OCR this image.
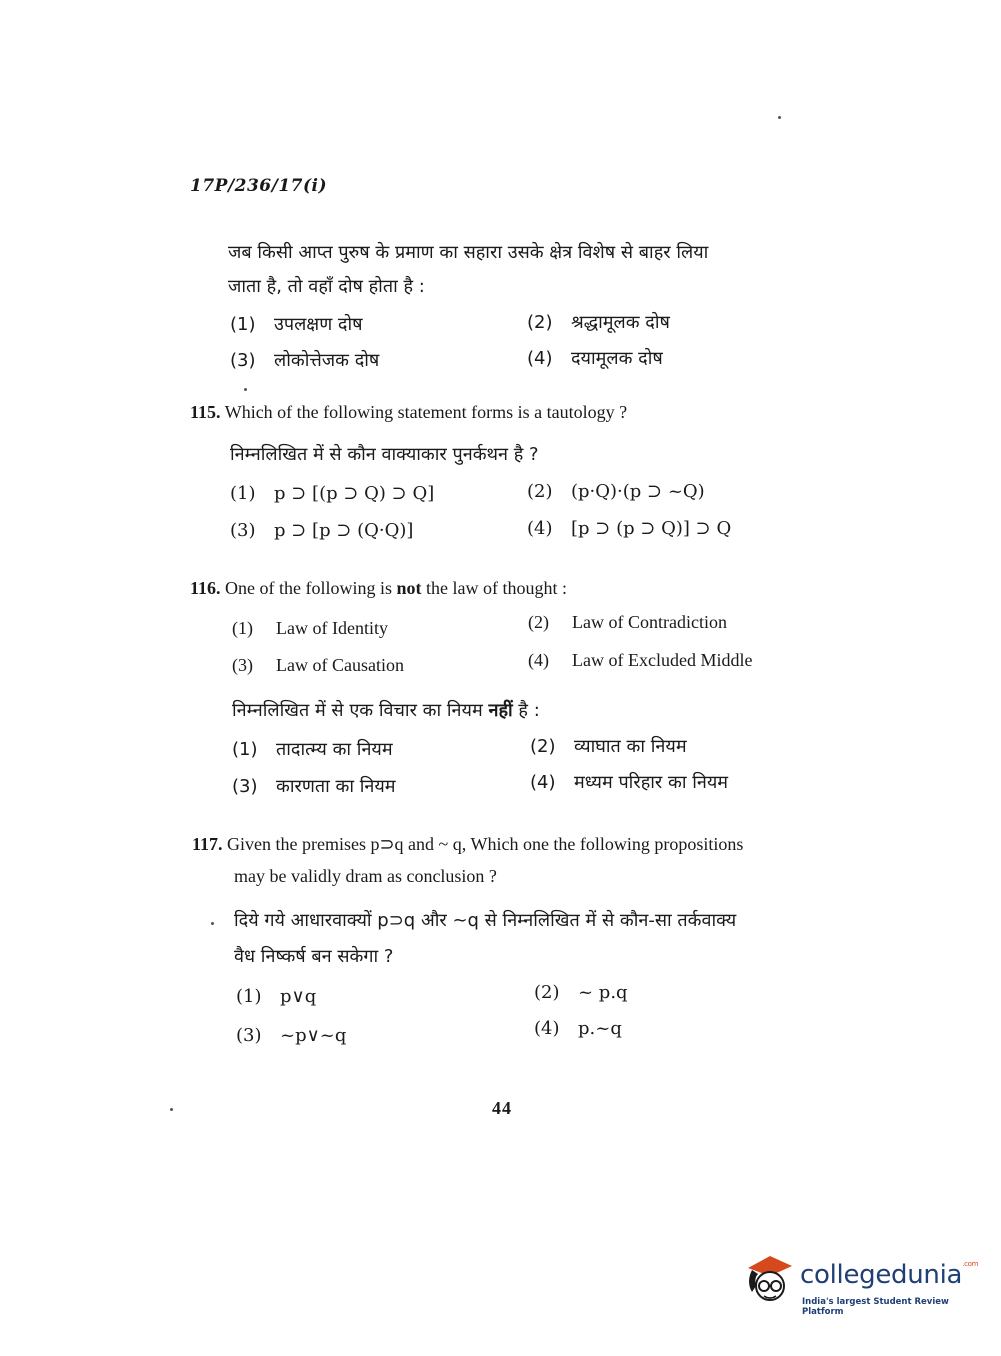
17P/236/17(i)
जब किसी आप्त पुरुष के प्रमाण का सहारा उसके क्षेत्र विशेष से बाहर लिया
जाता है, तो वहाँ दोष होता है :
(1) उपलक्षण दोष	(2) श्रद्धामूलक दोष
(3) लोकोत्तेजक दोष	(4) दयामूलक दोष
115. Which of the following statement forms is a tautology ?
निम्नलिखित में से कौन वाक्याकार पुनर्कथन है ?
(1) p ⊃ [(p ⊃ Q) ⊃ Q]	(2) (p·Q)·(p ⊃ ~Q)
(3) p ⊃ [p ⊃ (Q·Q)]	(4) [p ⊃ (p ⊃ Q)] ⊃ Q
116. One of the following is not the law of thought :
(1) Law of Identity	(2) Law of Contradiction
(3) Law of Causation	(4) Law of Excluded Middle
निम्नलिखित में से एक विचार का नियम नहीं है :
(1) तादात्म्य का नियम	(2) व्याघात का नियम
(3) कारणता का नियम	(4) मध्यम परिहार का नियम
117. Given the premises p⊃q and ~ q, Which one the following propositions
may be validly dram as conclusion ?
दिये गये आधारवाक्यों p⊃q और ~q से निम्नलिखित में से कौन-सा तर्कवाक्य
वैध निष्कर्ष बन सकेगा ?
(1) p∨q	(2) ~ p.q
(3) ~p∨~q	(4) p.~q
44
collegedunia$^{.com}$
India's largest Student Review Platform
